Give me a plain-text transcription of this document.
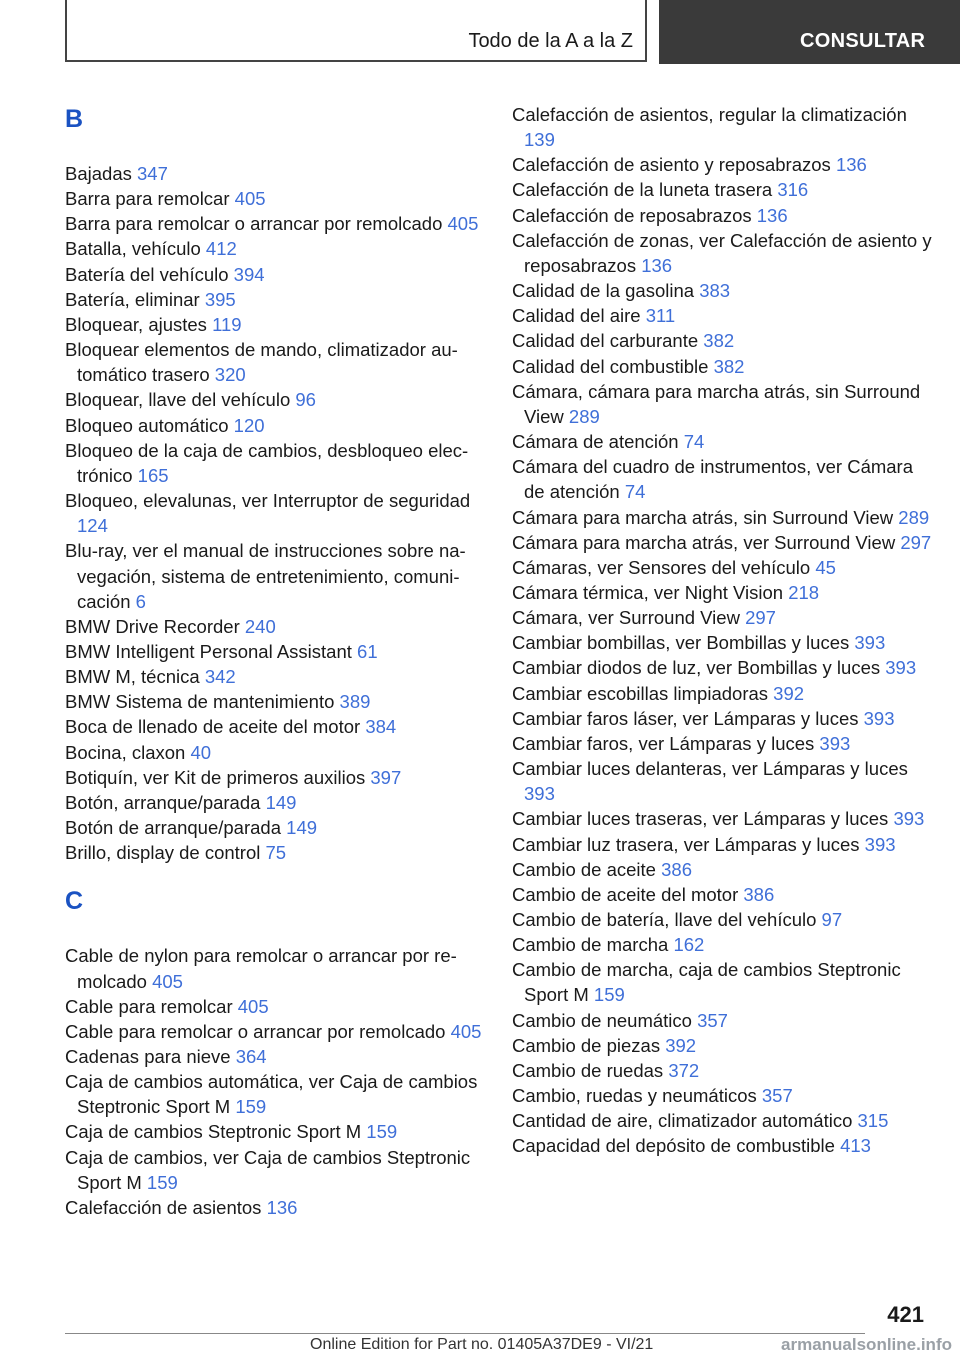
Todo de la A a la Z	CONSULTAR
B
Bajadas 347
Barra para remolcar 405
Barra para remolcar o arrancar por remolcado 405
Batalla, vehículo 412
Batería del vehículo 394
Batería, eliminar 395
Bloquear, ajustes 119
Bloquear elementos de mando, climatizador automático trasero 320
Bloquear, llave del vehículo 96
Bloqueo automático 120
Bloqueo de la caja de cambios, desbloqueo electrónico 165
Bloqueo, elevalunas, ver Interruptor de seguridad 124
Blu-ray, ver el manual de instrucciones sobre navegación, sistema de entretenimiento, comunicación 6
BMW Drive Recorder 240
BMW Intelligent Personal Assistant 61
BMW M, técnica 342
BMW Sistema de mantenimiento 389
Boca de llenado de aceite del motor 384
Bocina, claxon 40
Botiquín, ver Kit de primeros auxilios 397
Botón, arranque/parada 149
Botón de arranque/parada 149
Brillo, display de control 75
C
Cable de nylon para remolcar o arrancar por remolcado 405
Cable para remolcar 405
Cable para remolcar o arrancar por remolcado 405
Cadenas para nieve 364
Caja de cambios automática, ver Caja de cambios Steptronic Sport M 159
Caja de cambios Steptronic Sport M 159
Caja de cambios, ver Caja de cambios Steptronic Sport M 159
Calefacción de asientos 136
Calefacción de asientos, regular la climatización 139
Calefacción de asiento y reposabrazos 136
Calefacción de la luneta trasera 316
Calefacción de reposabrazos 136
Calefacción de zonas, ver Calefacción de asiento y reposabrazos 136
Calidad de la gasolina 383
Calidad del aire 311
Calidad del carburante 382
Calidad del combustible 382
Cámara, cámara para marcha atrás, sin Surround View 289
Cámara de atención 74
Cámara del cuadro de instrumentos, ver Cámara de atención 74
Cámara para marcha atrás, sin Surround View 289
Cámara para marcha atrás, ver Surround View 297
Cámaras, ver Sensores del vehículo 45
Cámara térmica, ver Night Vision 218
Cámara, ver Surround View 297
Cambiar bombillas, ver Bombillas y luces 393
Cambiar diodos de luz, ver Bombillas y luces 393
Cambiar escobillas limpiadoras 392
Cambiar faros láser, ver Lámparas y luces 393
Cambiar faros, ver Lámparas y luces 393
Cambiar luces delanteras, ver Lámparas y luces 393
Cambiar luces traseras, ver Lámparas y luces 393
Cambiar luz trasera, ver Lámparas y luces 393
Cambio de aceite 386
Cambio de aceite del motor 386
Cambio de batería, llave del vehículo 97
Cambio de marcha 162
Cambio de marcha, caja de cambios Steptronic Sport M 159
Cambio de neumático 357
Cambio de piezas 392
Cambio de ruedas 372
Cambio, ruedas y neumáticos 357
Cantidad de aire, climatizador automático 315
Capacidad del depósito de combustible 413
421
Online Edition for Part no. 01405A37DE9 - VI/21	armanualsonline.info
